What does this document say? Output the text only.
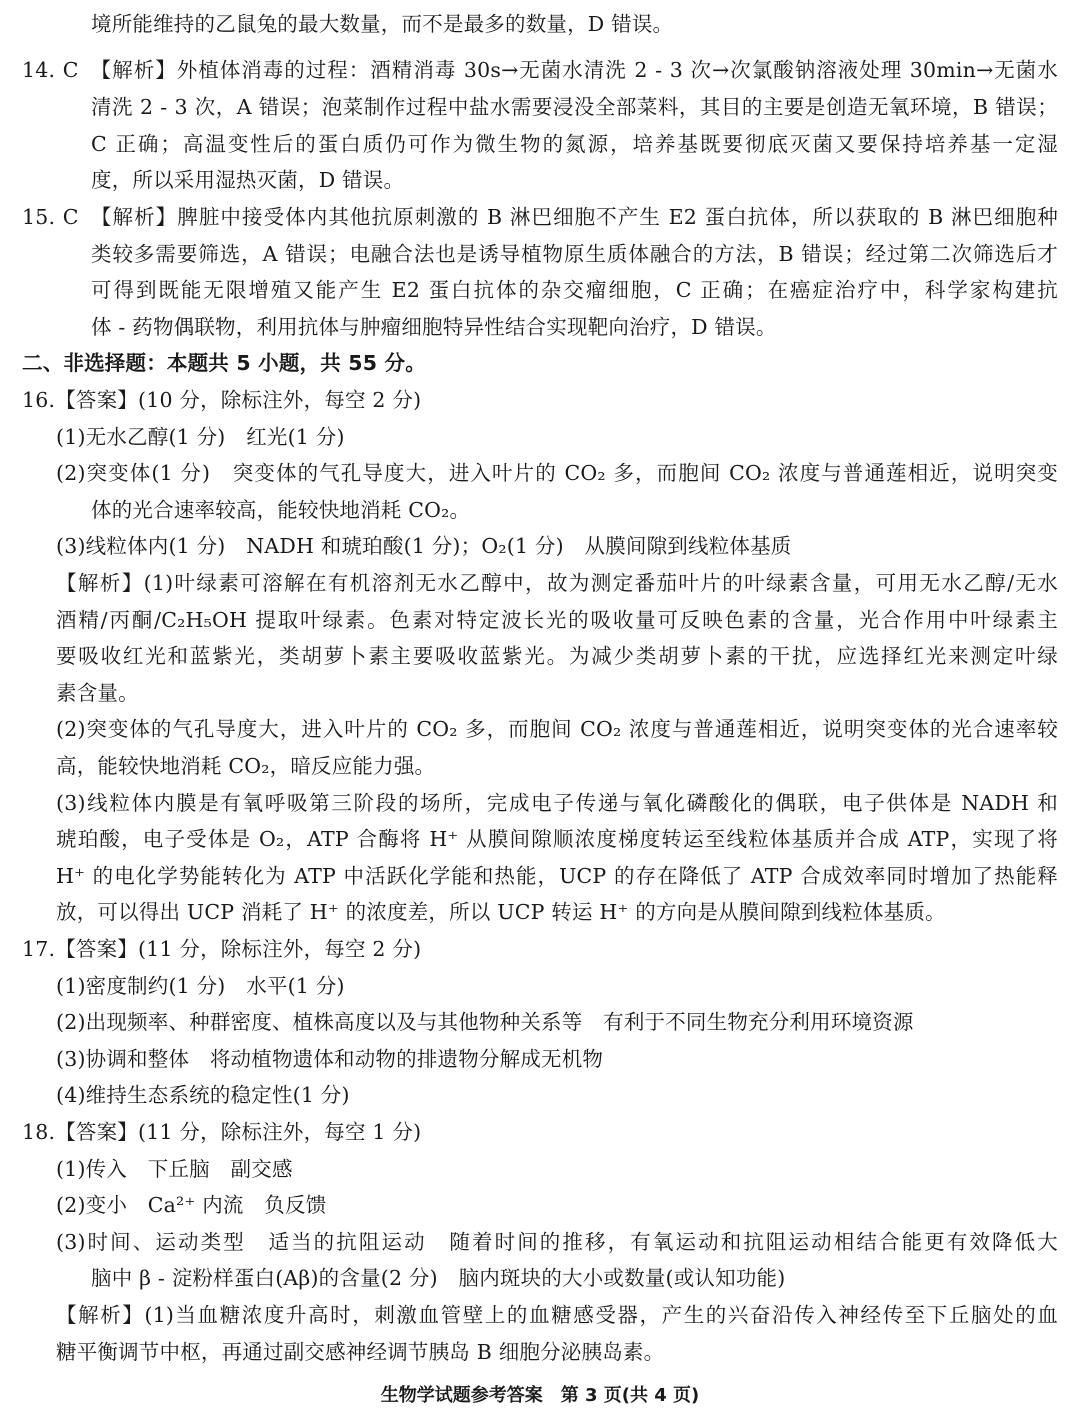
境所能维持的乙鼠兔的最大数量，而不是最多的数量，D 错误。
14. C　【解析】外植体消毒的过程：酒精消毒 30s→无菌水清洗 2 - 3 次→次氯酸钠溶液处理 30min→无菌水
清洗 2 - 3 次，A 错误；泡菜制作过程中盐水需要浸没全部菜料，其目的主要是创造无氧环境，B 错误；
C 正确；高温变性后的蛋白质仍可作为微生物的氮源，培养基既要彻底灭菌又要保持培养基一定湿
度，所以采用湿热灭菌，D 错误。
15. C　【解析】脾脏中接受体内其他抗原刺激的 B 淋巴细胞不产生 E2 蛋白抗体，所以获取的 B 淋巴细胞种
类较多需要筛选，A 错误；电融合法也是诱导植物原生质体融合的方法，B 错误；经过第二次筛选后才
可得到既能无限增殖又能产生 E2 蛋白抗体的杂交瘤细胞，C 正确；在癌症治疗中，科学家构建抗
体 - 药物偶联物，利用抗体与肿瘤细胞特异性结合实现靶向治疗，D 错误。
二、非选择题：本题共 5 小题，共 55 分。
16.【答案】(10 分，除标注外，每空 2 分)
(1)无水乙醇(1 分)　红光(1 分)
(2)突变体(1 分)　突变体的气孔导度大，进入叶片的 CO₂ 多，而胞间 CO₂ 浓度与普通莲相近，说明突变
体的光合速率较高，能较快地消耗 CO₂。
(3)线粒体内(1 分)　NADH 和琥珀酸(1 分)；O₂(1 分)　从膜间隙到线粒体基质
【解析】(1)叶绿素可溶解在有机溶剂无水乙醇中，故为测定番茄叶片的叶绿素含量，可用无水乙醇/无水
酒精/丙酮/C₂H₅OH 提取叶绿素。色素对特定波长光的吸收量可反映色素的含量，光合作用中叶绿素主
要吸收红光和蓝紫光，类胡萝卜素主要吸收蓝紫光。为减少类胡萝卜素的干扰，应选择红光来测定叶绿
素含量。
(2)突变体的气孔导度大，进入叶片的 CO₂ 多，而胞间 CO₂ 浓度与普通莲相近，说明突变体的光合速率较
高，能较快地消耗 CO₂，暗反应能力强。
(3)线粒体内膜是有氧呼吸第三阶段的场所，完成电子传递与氧化磷酸化的偶联，电子供体是 NADH 和
琥珀酸，电子受体是 O₂，ATP 合酶将 H⁺ 从膜间隙顺浓度梯度转运至线粒体基质并合成 ATP，实现了将
H⁺ 的电化学势能转化为 ATP 中活跃化学能和热能，UCP 的存在降低了 ATP 合成效率同时增加了热能释
放，可以得出 UCP 消耗了 H⁺ 的浓度差，所以 UCP 转运 H⁺ 的方向是从膜间隙到线粒体基质。
17.【答案】(11 分，除标注外，每空 2 分)
(1)密度制约(1 分)　水平(1 分)
(2)出现频率、种群密度、植株高度以及与其他物种关系等　有利于不同生物充分利用环境资源
(3)协调和整体　将动植物遗体和动物的排遗物分解成无机物
(4)维持生态系统的稳定性(1 分)
18.【答案】(11 分，除标注外，每空 1 分)
(1)传入　下丘脑　副交感
(2)变小　Ca²⁺ 内流　负反馈
(3)时间、运动类型　适当的抗阻运动　随着时间的推移，有氧运动和抗阻运动相结合能更有效降低大
脑中 β - 淀粉样蛋白(Aβ)的含量(2 分)　脑内斑块的大小或数量(或认知功能)
【解析】(1)当血糖浓度升高时，刺激血管壁上的血糖感受器，产生的兴奋沿传入神经传至下丘脑处的血
糖平衡调节中枢，再通过副交感神经调节胰岛 B 细胞分泌胰岛素。
生物学试题参考答案　第 3 页(共 4 页)
